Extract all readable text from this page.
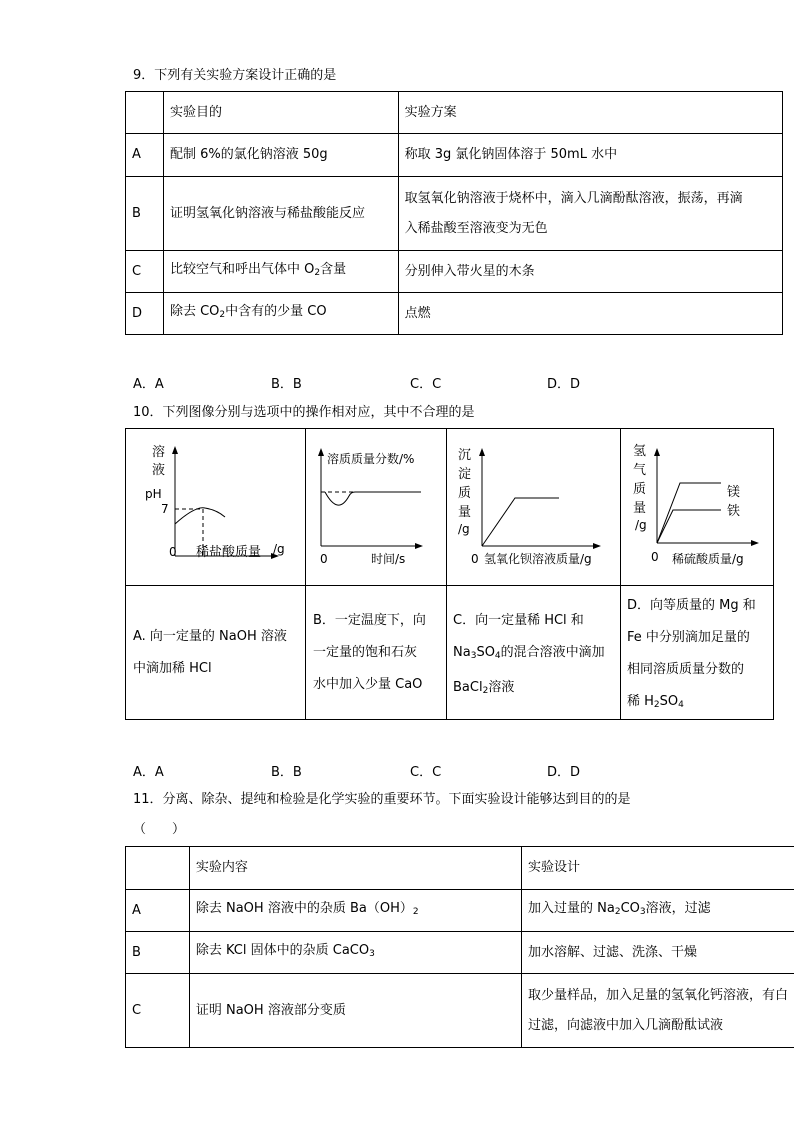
9．下列有关实验方案设计正确的是
	实验目的	实验方案
A	配制 6%的氯化钠溶液 50g	称取 3g 氯化钠固体溶于 50mL 水中
B	证明氢氧化钠溶液与稀盐酸能反应	取氢氧化钠溶液于烧杯中，滴入几滴酚酞溶液，振荡，再滴
入稀盐酸至溶液变为无色

C	比较空气和呼出气体中 $O_2$含量	分别伸入带火星的木条
D	除去 $CO_2$中含有的少量 CO	点燃
A．A	B．B	C．C	D．D
10．下列图像分别与选项中的操作相对应，其中不合理的是
溶
液
pH
7
0 稀盐酸质量 /g
溶质质量分数/%
0	时间/s
沉
淀
质
量
/g
0 氢氧化钡溶液质量/g
氢
气
质
量
/g
0 稀硫酸质量/g
镁
铁
A. 向一定量的 NaOH 溶液
中滴加稀 HCl
B．一定温度下，向
一定量的饱和石灰
水中加入少量 CaO
C．向一定量稀 HCl 和
$Na_3SO_4$的混合溶液中滴加
BaCl$_2$溶液
D．向等质量的 Mg 和
Fe 中分别滴加足量的
相同溶质质量分数的
稀 $H_2SO_4$
A．A	B．B	C．C	D．D
11．分离、除杂、提纯和检验是化学实验的重要环节。下面实验设计能够达到目的的是
（　　）
	实验内容	实验设计
A	除去 NaOH 溶液中的杂质 $Ba(OH)_2$	加入过量的 $Na_2CO_3$溶液，过滤
B	除去 KCl 固体中的杂质 CaCO$_3$	加水溶解、过滤、洗涤、干燥
C	证明 NaOH 溶液部分变质	取少量样品，加入足量的氢氧化钙溶液，有白
过滤，向滤液中加入几滴酚酞试液
